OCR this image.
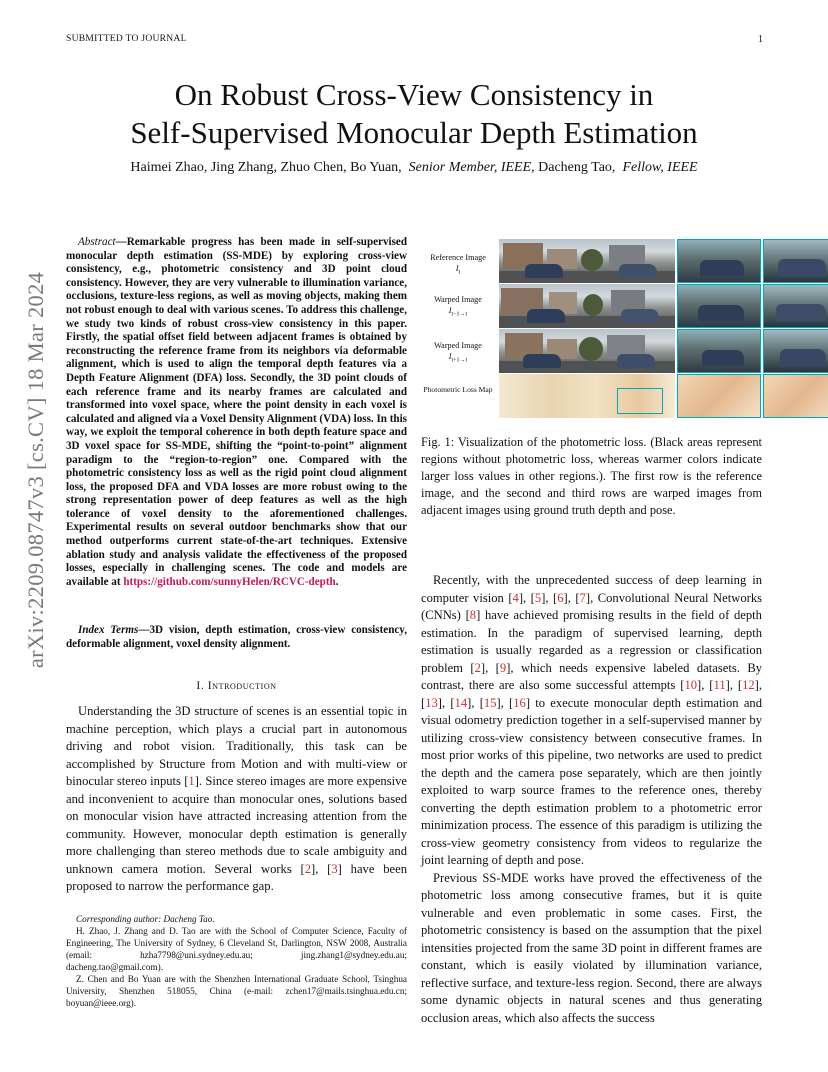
SUBMITTED TO JOURNAL	1
arXiv:2209.08747v3 [cs.CV] 18 Mar 2024
On Robust Cross-View Consistency in
Self-Supervised Monocular Depth Estimation
Haimei Zhao, Jing Zhang, Zhuo Chen, Bo Yuan, Senior Member, IEEE, Dacheng Tao, Fellow, IEEE
Abstract—Remarkable progress has been made in self-supervised monocular depth estimation (SS-MDE) by exploring cross-view consistency, e.g., photometric consistency and 3D point cloud consistency. However, they are very vulnerable to illumination variance, occlusions, texture-less regions, as well as moving objects, making them not robust enough to deal with various scenes. To address this challenge, we study two kinds of robust cross-view consistency in this paper. Firstly, the spatial offset field between adjacent frames is obtained by reconstructing the reference frame from its neighbors via deformable alignment, which is used to align the temporal depth features via a Depth Feature Alignment (DFA) loss. Secondly, the 3D point clouds of each reference frame and its nearby frames are calculated and transformed into voxel space, where the point density in each voxel is calculated and aligned via a Voxel Density Alignment (VDA) loss. In this way, we exploit the temporal coherence in both depth feature space and 3D voxel space for SS-MDE, shifting the “point-to-point” alignment paradigm to the “region-to-region” one. Compared with the photometric consistency loss as well as the rigid point cloud alignment loss, the proposed DFA and VDA losses are more robust owing to the strong representation power of deep features as well as the high tolerance of voxel density to the aforementioned challenges. Experimental results on several outdoor benchmarks show that our method outperforms current state-of-the-art techniques. Extensive ablation study and analysis validate the effectiveness of the proposed losses, especially in challenging scenes. The code and models are available at https://github.com/sunnyHelen/RCVC-depth.
Index Terms—3D vision, depth estimation, cross-view consistency, deformable alignment, voxel density alignment.
I. Introduction
Understanding the 3D structure of scenes is an essential topic in machine perception, which plays a crucial part in autonomous driving and robot vision. Traditionally, this task can be accomplished by Structure from Motion and with multi-view or binocular stereo inputs [1]. Since stereo images are more expensive and inconvenient to acquire than monocular ones, solutions based on monocular vision have attracted increasing attention from the community. However, monocular depth estimation is generally more challenging than stereo methods due to scale ambiguity and unknown camera motion. Several works [2], [3] have been proposed to narrow the performance gap.

Corresponding author: Dacheng Tao.

H. Zhao, J. Zhang and D. Tao are with the School of Computer Science, Faculty of Engineering, The University of Sydney, 6 Cleveland St, Darlington, NSW 2008, Australia (email: hzha7798@uni.sydney.edu.au; jing.zhang1@sydney.edu.au; dacheng.tao@gmail.com).

Z. Chen and Bo Yuan are with the Shenzhen International Graduate School, Tsinghua University, Shenzhen 518055, China (e-mail: zchen17@mails.tsinghua.edu.cn; boyuan@ieee.org).

Reference Image
$I_t$
Warped Image
$I_{t-1\to t}$
Warped Image
$I_{t+1\to t}$
Photometric Loss Map
Fig. 1: Visualization of the photometric loss. (Black areas represent regions without photometric loss, whereas warmer colors indicate larger loss values in other regions.). The first row is the reference image, and the second and third rows are warped images from adjacent images using ground truth depth and pose.

Recently, with the unprecedented success of deep learning in computer vision [4], [5], [6], [7], Convolutional Neural Networks (CNNs) [8] have achieved promising results in the field of depth estimation. In the paradigm of supervised learning, depth estimation is usually regarded as a regression or classification problem [2], [9], which needs expensive labeled datasets. By contrast, there are also some successful attempts [10], [11], [12], [13], [14], [15], [16] to execute monocular depth estimation and visual odometry prediction together in a self-supervised manner by utilizing cross-view consistency between consecutive frames. In most prior works of this pipeline, two networks are used to predict the depth and the camera pose separately, which are then jointly exploited to warp source frames to the reference ones, thereby converting the depth estimation problem to a photometric error minimization process. The essence of this paradigm is utilizing the cross-view geometry consistency from videos to regularize the joint learning of depth and pose.

Previous SS-MDE works have proved the effectiveness of the photometric loss among consecutive frames, but it is quite vulnerable and even problematic in some cases. First, the photometric consistency is based on the assumption that the pixel intensities projected from the same 3D point in different frames are constant, which is easily violated by illumination variance, reflective surface, and texture-less region. Second, there are always some dynamic objects in natural scenes and thus generating occlusion areas, which also affects the success
